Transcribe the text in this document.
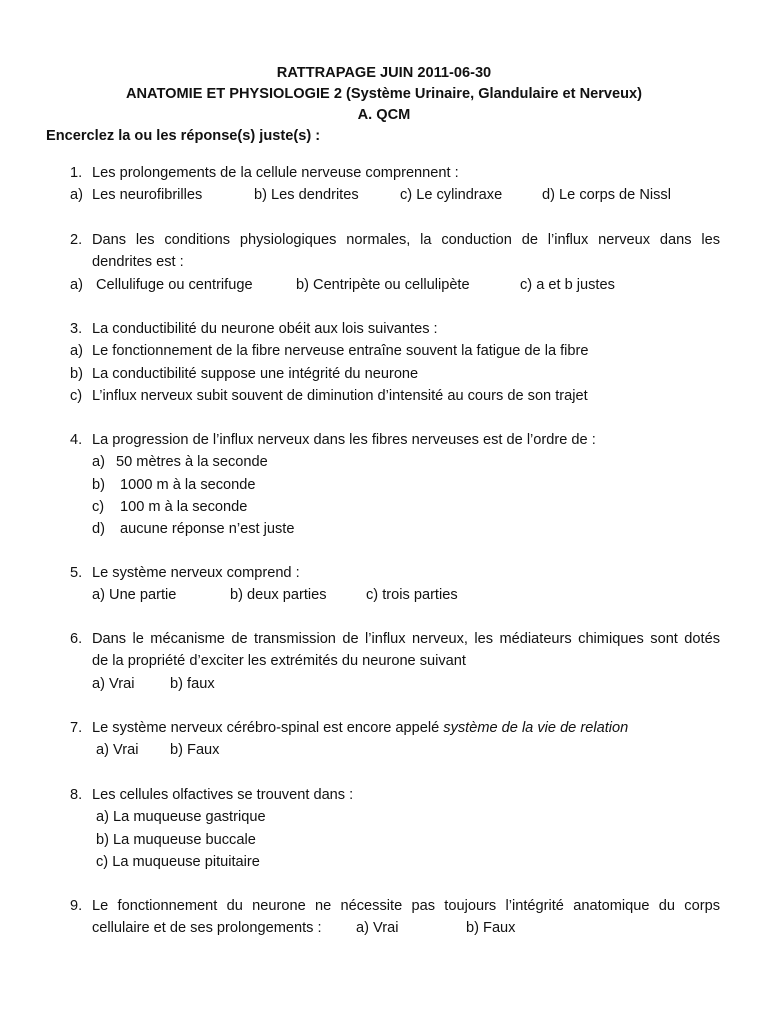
RATTRAPAGE JUIN 2011-06-30
ANATOMIE ET PHYSIOLOGIE 2 (Système Urinaire, Glandulaire et Nerveux)
A. QCM
Encerclez la ou les réponse(s) juste(s) :
1. Les prolongements de la cellule nerveuse comprennent :
a) Les neurofibrilles	b) Les dendrites	c) Le cylindraxe	d) Le corps de Nissl
2. Dans les conditions physiologiques normales, la conduction de l’influx nerveux dans les
dendrites est :
a) Cellulifuge ou centrifuge	b) Centripète ou cellulipète	c) a et b justes
3. La conductibilité du neurone obéit aux lois suivantes :
a) Le fonctionnement de la fibre nerveuse entraîne souvent la fatigue de la fibre
b) La conductibilité suppose une intégrité du neurone
c) L’influx nerveux subit souvent de diminution d’intensité au cours de son trajet
4. La progression de l’influx nerveux dans les fibres nerveuses est de l’ordre de :
a) 50 mètres à la seconde
b) 1000 m à la seconde
c) 100 m à la seconde
d) aucune réponse n’est juste
5. Le système nerveux comprend :
a) Une partie	b) deux parties	c) trois parties
6. Dans le mécanisme de transmission de l’influx nerveux, les médiateurs chimiques sont dotés
de la propriété d’exciter les extrémités du neurone suivant
a) Vrai b) faux
7. Le système nerveux cérébro-spinal est encore appelé système de la vie de relation
a) Vrai b) Faux
8. Les cellules olfactives se trouvent dans :
a) La muqueuse gastrique
b) La muqueuse buccale
c) La muqueuse pituitaire
9. Le fonctionnement du neurone ne nécessite pas toujours l’intégrité anatomique du corps
cellulaire et de ses prolongements : a) Vrai	b) Faux
